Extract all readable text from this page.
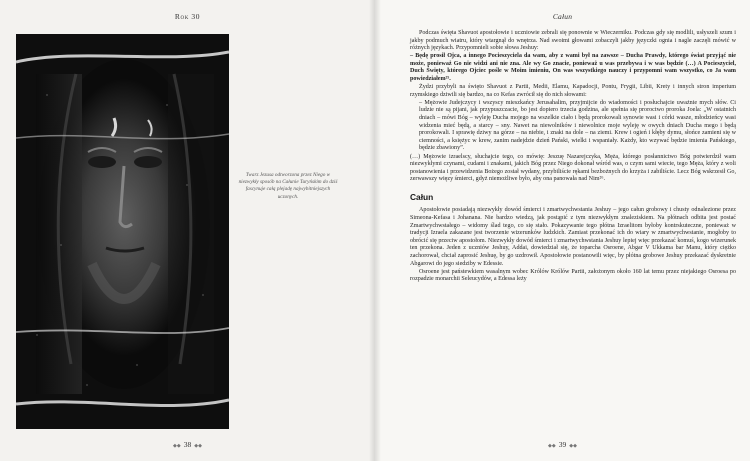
Rok 30	Całun
Twarz Jezusa odtworzona przez Niego w niezwykły sposób na Całunie Turyńskim do dziś fascynuje całą plejadę najwybitniejszych uczonych.
◆◆ 38 ◆◆

Podczas święta Shavuot apostołowie i uczniowie zebrali się ponownie w Wieczerniku. Podczas gdy się modlili, usłyszeli szum i jakby podmuch wiatru, który wtargnął do wnętrza. Nad swoimi głowami zobaczyli jakby języczki ognia i nagle zaczęli mówić w różnych językach. Przypomnieli sobie słowa Jeshuy:

– Będę prosił Ojca, a innego Pocieszyciela da wam, aby z wami był na zawsze – Ducha Prawdy, którego świat przyjąć nie może, ponieważ Go nie widzi ani nie zna. Ale wy Go znacie, ponieważ u was przebywa i w was będzie (…) A Pocieszyciel, Duch Święty, którego Ojciec pośle w Moim imieniu, On was wszystkiego nauczy i przypomni wam wszystko, co Ja wam powiedziałem²⁵.

Żydzi przybyli na święto Shavuot z Partii, Medii, Elamu, Kapadocji, Pontu, Frygii, Libii, Krety i innych stron imperium rzymskiego dziwili się bardzo, na co Kefas zwrócił się do nich słowami:

– Mężowie Judejczycy i wszyscy mieszkańcy Jerusahalim, przyjmijcie do wiadomości i posłuchajcie uważnie mych słów. Ci ludzie nie są pijani, jak przypuszczacie, bo jest dopiero trzecia godzina, ale spełnia się proroctwo proroka Joela: „W ostatnich dniach – mówi Bóg – wyleję Ducha mojego na wszelkie ciało i będą prorokowali synowie wasi i córki wasze, młodzieńcy wasi widzenia mieć będą, a starcy – sny. Nawet na niewolników i niewolnice moje wyleję w owych dniach Ducha mego i będą prorokowali. I sprawię dziwy na górze – na niebie, i znaki na dole – na ziemi. Krew i ogień i kłęby dymu, słońce zamieni się w ciemności, a księżyc w krew, zanim nadejdzie dzień Pański, wielki i wspaniały. Każdy, kto wzywać będzie imienia Pańskiego, będzie zbawiony”.

(…) Mężowie izraelscy, słuchajcie tego, co mówię: Jeszuę Nazarejczyka, Męża, którego posłannictwo Bóg potwierdził wam niezwykłymi czynami, cudami i znakami, jakich Bóg przez Niego dokonał wśród was, o czym sami wiecie, tego Męża, który z woli postanowienia i przewidzenia Bożego został wydany, przybiliście rękami bezbożnych do krzyża i zabiliście. Lecz Bóg wskrzesił Go, zerwawszy więzy śmierci, gdyż niemożliwe było, aby ona panowała nad Nim²⁶.

Całun

Apostołowie posiadają niezwykły dowód śmierci i zmartwychwstania Jeshuy – jego całun grobowy i chusty odnalezione przez Simeona-Kefasa i Johanana. Nie bardzo wiedzą, jak postąpić z tym niezwykłym znaleziskiem. Na płótnach odbita jest postać Zmartwychwstałego – widomy ślad tego, co się stało. Pokazywanie tego płótna Izraelitom byłoby kontrskuteczne, ponieważ w tradycji Izraela zakazane jest tworzenie wizerunków ludzkich. Zamiast przekonać ich do wiary w zmartwychwstanie, mogłoby to obrócić się przeciw apostołom. Niezwykły dowód śmierci i zmartwychwstania Jeshuy lepiej więc przekazać komuś, kogo wizerunek ten przekona. Jeden z uczniów Jeshuy, Addai, dowiedział się, że toparcha Osroene, Abgar V Ukkama bar Manu, który ciężko zachorował, chciał zaprosić Jeshuę, by go uzdrowił. Apostołowie postanowili więc, by płótna grobowe Jeshuy przekazać dyskretnie Abgarowi do jego siedziby w Edessie.

Osroene jest państewkiem wasalnym wobec Królów Królów Partii, założonym około 160 lat temu przez niejakiego Osroesa po rozpadzie monarchii Seleucydów, a Edessa leży

◆◆ 39 ◆◆
